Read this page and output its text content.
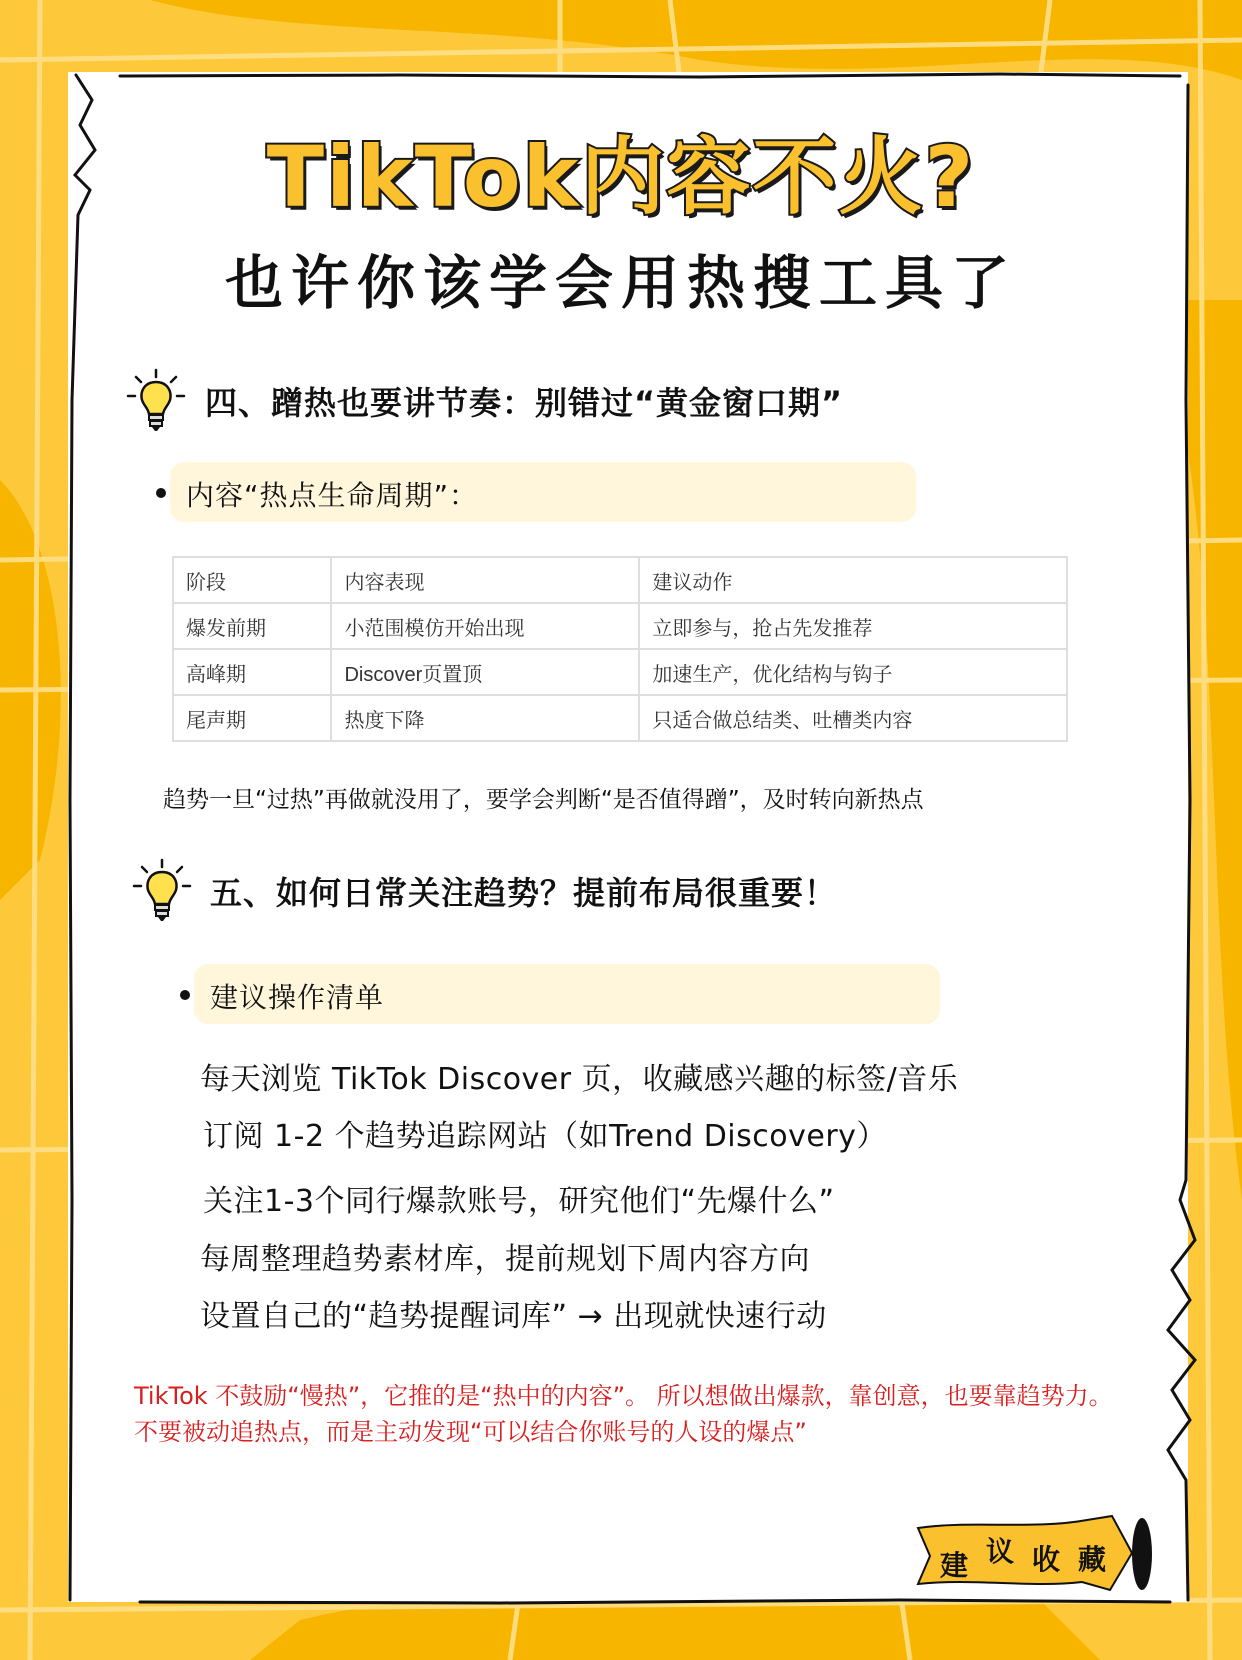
TikTok内容不火?
也许你该学会用热搜工具了
四、蹭热也要讲节奏：别错过“黄金窗口期”
内容“热点生命周期”：
阶段	内容表现	建议动作
爆发前期	小范围模仿开始出现	立即参与，抢占先发推荐
高峰期	Discover页置顶	加速生产，优化结构与钩子
尾声期	热度下降	只适合做总结类、吐槽类内容
趋势一旦“过热”再做就没用了，要学会判断“是否值得蹭”，及时转向新热点
五、如何日常关注趋势？提前布局很重要！
建议操作清单
每天浏览 TikTok Discover 页，收藏感兴趣的标签/音乐
订阅 1-2 个趋势追踪网站（如Trend Discovery）
关注1-3个同行爆款账号，研究他们“先爆什么”
每周整理趋势素材库，提前规划下周内容方向
设置自己的“趋势提醒词库” → 出现就快速行动
TikTok 不鼓励“慢热”，它推的是“热中的内容”。 所以想做出爆款，靠创意，也要靠趋势力。不要被动追热点，而是主动发现“可以结合你账号的人设的爆点”
建 议 收 藏
